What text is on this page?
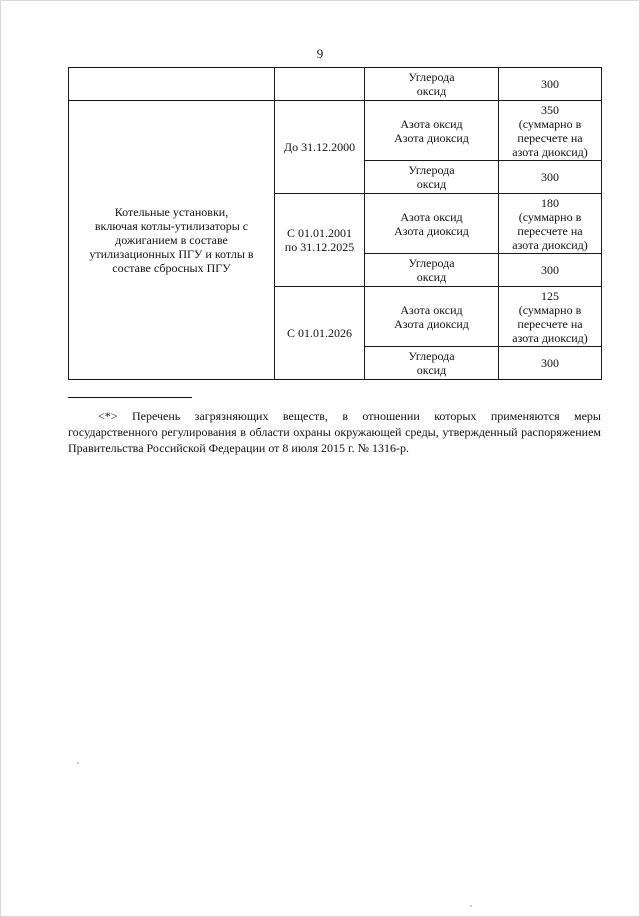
9
		Углерода
оксид	300
Котельные установки,
включая котлы-утилизаторы с
дожиганием в составе
утилизационных ПГУ и котлы в
составе сбросных ПГУ	До 31.12.2000	Азота оксид
Азота диоксид	350
(суммарно в
пересчете на
азота диоксид)
		Углерода
оксид	300
	С 01.01.2001
по 31.12.2025	Азота оксид
Азота диоксид	180
(суммарно в
пересчете на
азота диоксид)
		Углерода
оксид	300
	С 01.01.2026	Азота оксид
Азота диоксид	125
(суммарно в
пересчете на
азота диоксид)
		Углерода
оксид	300
<*> Перечень загрязняющих веществ, в отношении которых применяются меры государственного регулирования в области охраны окружающей среды, утвержденный распоряжением Правительства Российской Федерации от 8 июля 2015 г. № 1316-р.
